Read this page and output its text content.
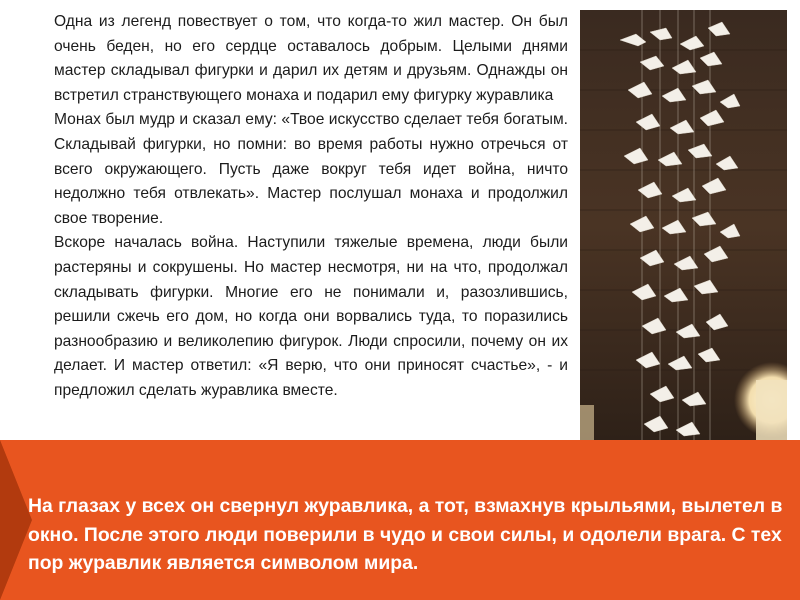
Одна из легенд повествует о том, что когда-то жил мастер. Он был очень беден, но его сердце оставалось добрым. Целыми днями мастер складывал фигурки и дарил их детям и друзьям. Однажды он встретил странствующего монаха и подарил ему фигурку журавлика

Монах был мудр и сказал ему: «Твое искусство сделает тебя богатым. Складывай фигурки, но помни: во время работы нужно отречься от всего окружающего. Пусть даже вокруг тебя идет война, ничто недолжно тебя отвлекать». Мастер послушал монаха и продолжил свое творение.

Вскоре началась война. Наступили тяжелые времена, люди были растеряны и сокрушены. Но мастер несмотря, ни на что, продолжал складывать фигурки. Многие его не понимали и, разозлившись, решили сжечь его дом, но когда они ворвались туда, то поразились разнообразию и великолепию фигурок. Люди спросили, почему он их делает. И мастер ответил: «Я верю, что они приносят счастье», - и предложил сделать журавлика вместе.

На глазах у всех он свернул журавлика, а тот, взмахнув крыльями, вылетел в окно. После этого люди поверили в чудо и свои силы, и одолели врага. С тех пор журавлик является символом мира.
